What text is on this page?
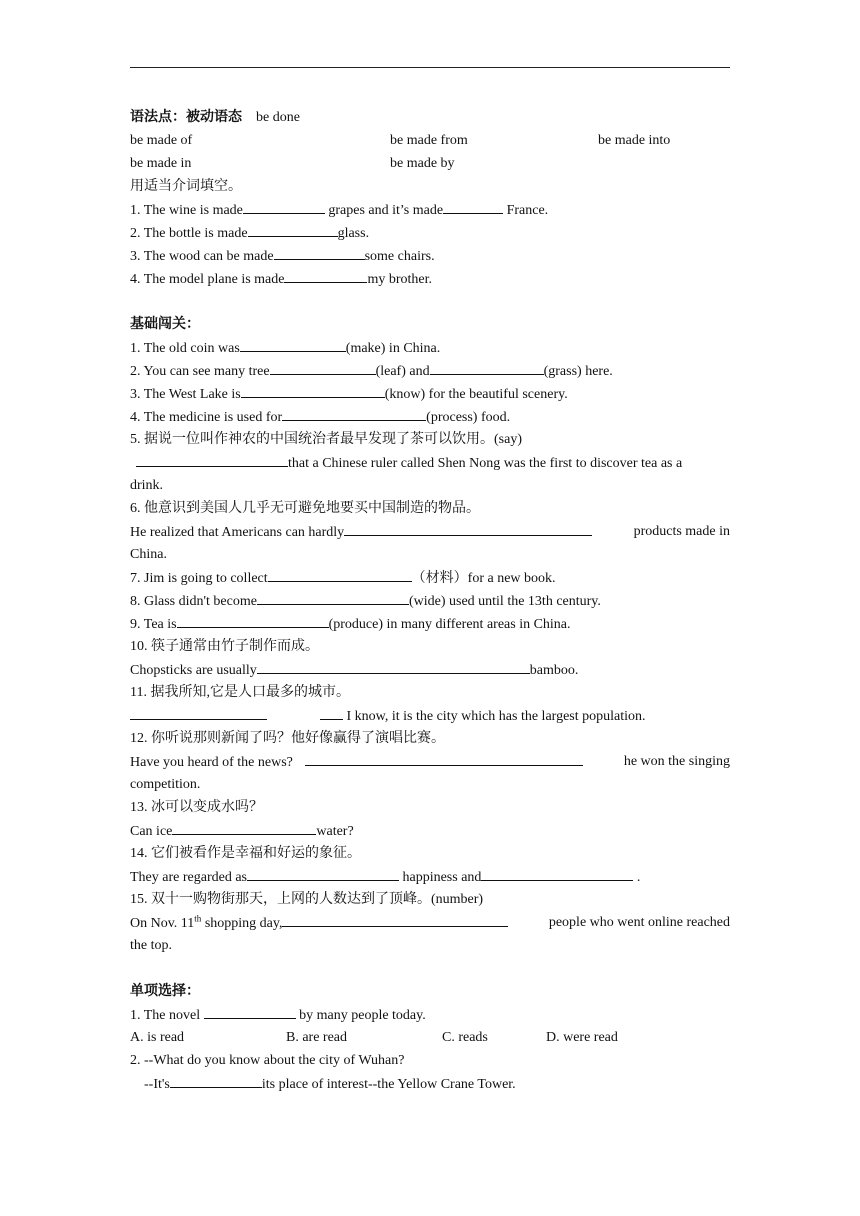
语法点：被动语态 be done
be made of	be made from	be made into
be made in	be made by
用适当介词填空。
1. The wine is made	grapes and it’s made	France.
2. The bottle is made	glass.
3. The wood can be made	some chairs.
4. The model plane is made	my brother.
基础闯关：
1. The old coin was	(make) in China.
2. You can see many tree	(leaf) and	(grass) here.
3. The West Lake is	(know) for the beautiful scenery.
4. The medicine is used for	(process) food.
5. 据说一位叫作神农的中国统治者最早发现了茶可以饮用。(say)
that a Chinese ruler called Shen Nong was the first to discover tea as a
drink.
6. 他意识到美国人几乎无可避免地要买中国制造的物品。
He realized that Americans can hardly	products made in
China.
7. Jim is going to collect	（材料）for a new book.
8. Glass didn't become	(wide) used until the 13th century.
9. Tea is	(produce) in many different areas in China.
10. 筷子通常由竹子制作而成。
Chopsticks are usually	bamboo.
11. 据我所知,它是人口最多的城市。
I know, it is the city which has the largest population.
12. 你听说那则新闻了吗？他好像赢得了演唱比赛。
Have you heard of the news?	he won the singing
competition.
13. 冰可以变成水吗？
Can ice	water?
14. 它们被看作是幸福和好运的象征。
They are regarded as	happiness and	.
15. 双十一购物街那天，上网的人数达到了顶峰。(number)
On Nov. 11th shopping day,	people who went online reached
the top.
单项选择：
1. The novel	by many people today.
A. is read	B. are read	C. reads	D. were read
2. --What do you know about the city of Wuhan?
--It's	its place of interest--the Yellow Crane Tower.
